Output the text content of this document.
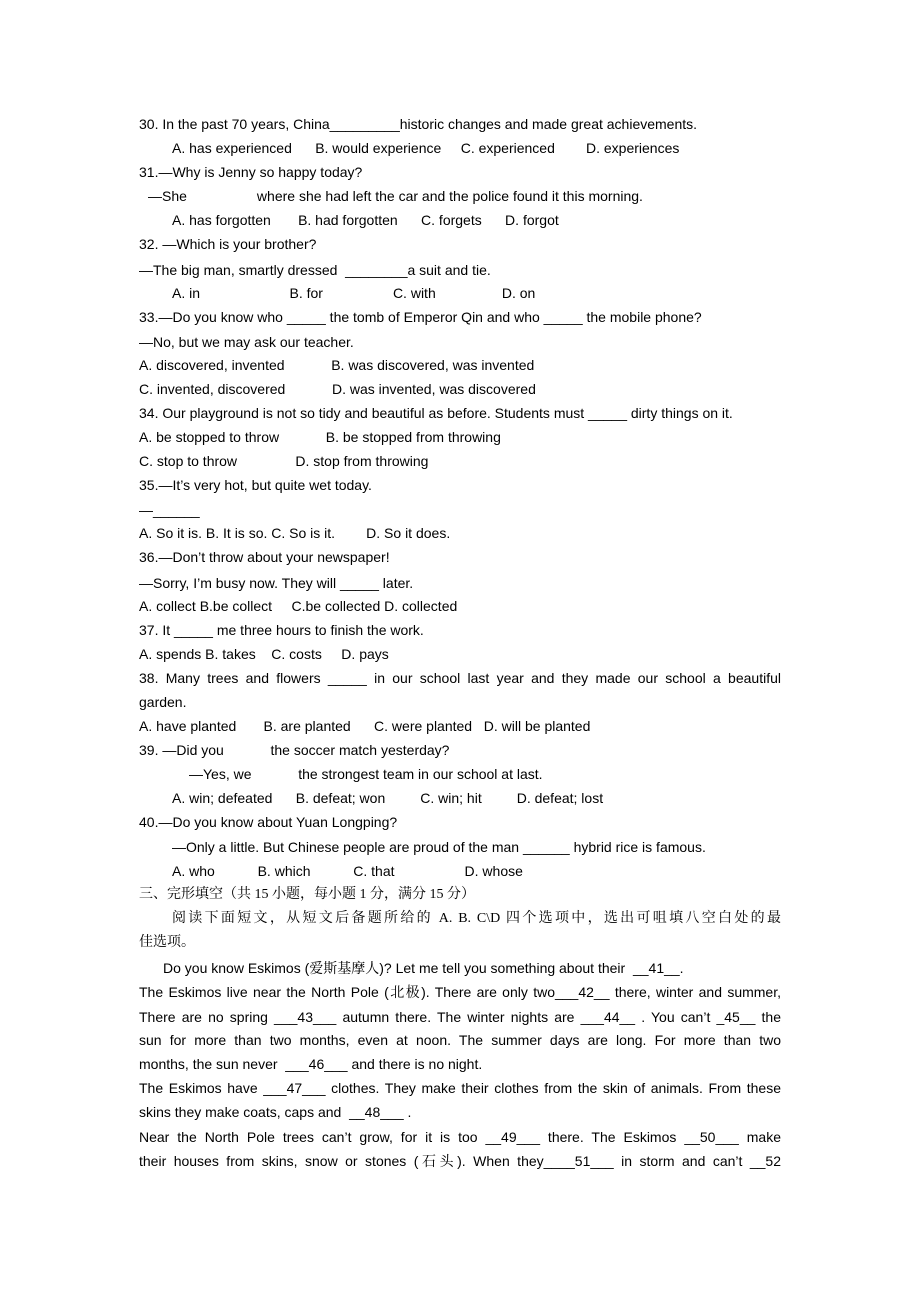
30. In the past 70 years, China_________historic changes and made great achievements.
A. has experienced      B. would experience     C. experienced        D. experiences
31.—Why is Jenny so happy today?
—She                  where she had left the car and the police found it this morning.
A. has forgotten       B. had forgotten      C. forgets      D. forgot
32. —Which is your brother?
—The big man, smartly dressed  ________a suit and tie.
A. in                       B. for                  C. with                 D. on
33.—Do you know who _____ the tomb of Emperor Qin and who _____ the mobile phone?
—No, but we may ask our teacher.
A. discovered, invented            B. was discovered, was invented
C. invented, discovered            D. was invented, was discovered
34. Our playground is not so tidy and beautiful as before. Students must _____ dirty things on it.
A. be stopped to throw            B. be stopped from throwing
C. stop to throw               D. stop from throwing
35.—It’s very hot, but quite wet today.
—______
A. So it is. B. It is so. C. So is it.        D. So it does.
36.—Don’t throw about your newspaper!
—Sorry, I’m busy now. They will _____ later.
A. collect B.be collect     C.be collected D. collected
37. It _____ me three hours to finish the work.
A. spends B. takes    C. costs     D. pays
38. Many trees and flowers _____ in our school last year and they made our school a beautiful
garden.
A. have planted       B. are planted      C. were planted   D. will be planted
39. —Did you            the soccer match yesterday?
—Yes, we            the strongest team in our school at last.
A. win; defeated      B. defeat; won         C. win; hit         D. defeat; lost
40.—Do you know about Yuan Longping?
—Only a little. But Chinese people are proud of the man ______ hybrid rice is famous.
A. who           B. which           C. that                  D. whose
三、完形填空（共 15 小题，每小题 1 分，满分 15 分）
阅读下面短文，从短文后备题所给的 A. B. C\D 四个选项中，选出可咀填八空白处的最
佳选项。
Do you know Eskimos (爱斯基摩人)? Let me tell you something about their  __41__.
The Eskimos live near the North Pole (北极). There are only two___42__ there, winter and summer,
There are no spring ___43___ autumn there. The winter nights are ___44__ . You can’t _45__ the
sun for more than two months, even at noon. The summer days are long. For more than two
months, the sun never  ___46___ and there is no night.
The Eskimos have ___47___ clothes. They make their clothes from the skin of animals. From these
skins they make coats, caps and  __48___ .
Near the North Pole trees can’t grow, for it is too __49___ there. The Eskimos __50___ make
their houses from skins, snow or stones (石头). When they____51___ in storm and can’t __52
